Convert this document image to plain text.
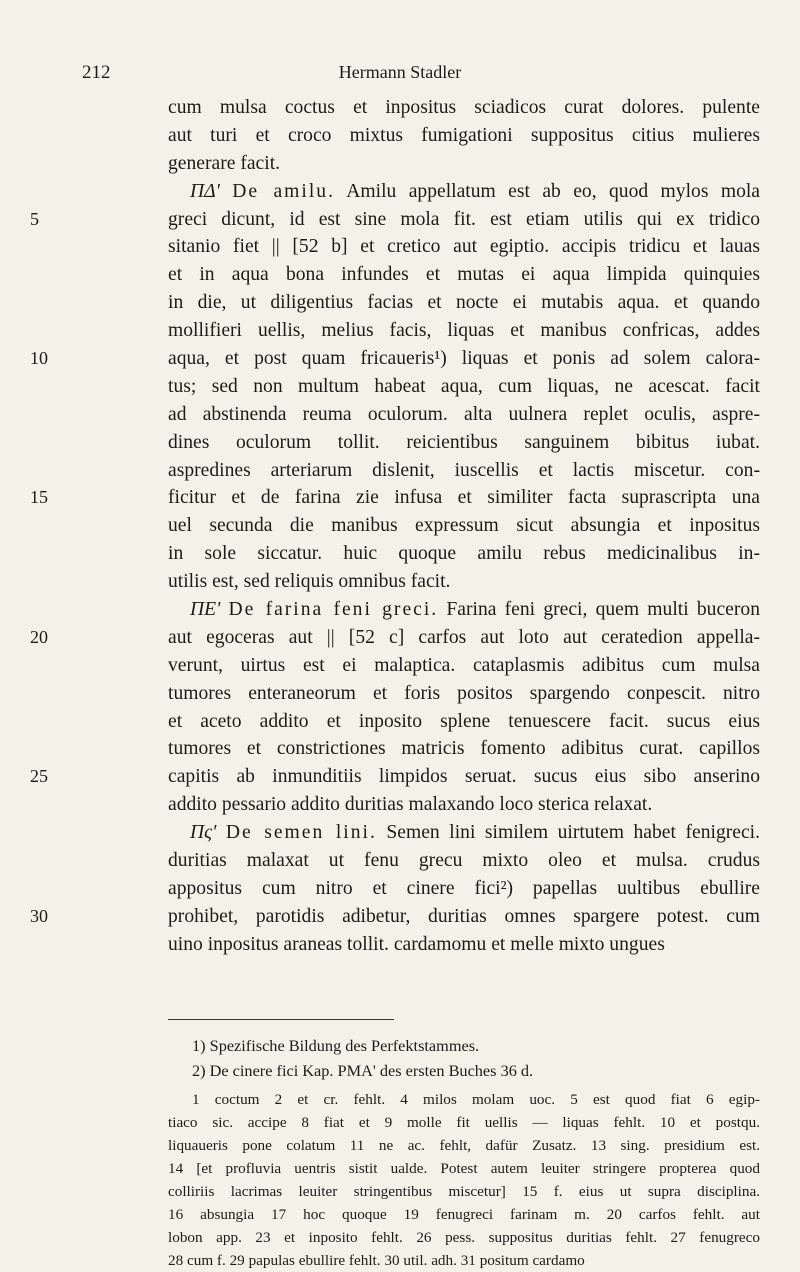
212	Hermann Stadler
cum mulsa coctus et inpositus sciadicos curat dolores. pulente
aut turi et croco mixtus fumigationi suppositus citius mulieres
generare facit.
ΠΔ' De amilu. Amilu appellatum est ab eo, quod mylos mola
5	greci dicunt, id est sine mola fit. est etiam utilis qui ex tridico
sitanio fiet || [52 b] et cretico aut egiptio. accipis tridicu et lauas
et in aqua bona infundes et mutas ei aqua limpida quinquies
in die, ut diligentius facias et nocte ei mutabis aqua. et quando
mollifieri uellis, melius facis, liquas et manibus confricas, addes
10	aqua, et post quam fricaueris¹) liquas et ponis ad solem calora-
tus; sed non multum habeat aqua, cum liquas, ne acescat. facit
ad abstinenda reuma oculorum. alta uulnera replet oculis, aspre-
dines oculorum tollit. reicientibus sanguinem bibitus iubat.
aspredines arteriarum dislenit, iuscellis et lactis miscetur. con-
15	ficitur et de farina zie infusa et similiter facta suprascripta una
uel secunda die manibus expressum sicut absungia et inpositus
in sole siccatur. huic quoque amilu rebus medicinalibus in-
utilis est, sed reliquis omnibus facit.
ΠΕ' De farina feni greci. Farina feni greci, quem multi buceron
20	aut egoceras aut || [52 c] carfos aut loto aut ceratedion appella-
verunt, uirtus est ei malaptica. cataplasmis adibitus cum mulsa
tumores enteraneorum et foris positos spargendo conpescit. nitro
et aceto addito et inposito splene tenuescere facit. sucus eius
tumores et constrictiones matricis fomento adibitus curat. capillos
25	capitis ab inmunditiis limpidos seruat. sucus eius sibo anserino
addito pessario addito duritias malaxando loco sterica relaxat.
Πς' De semen lini. Semen lini similem uirtutem habet fenigreci.
duritias malaxat ut fenu grecu mixto oleo et mulsa. crudus
appositus cum nitro et cinere fici²) papellas uultibus ebullire
30	prohibet, parotidis adibetur, duritias omnes spargere potest. cum
uino inpositus araneas tollit. cardamomu et melle mixto ungues
1) Spezifische Bildung des Perfektstammes.
2) De cinere fici Kap. ΡΜΑ' des ersten Buches 36 d.
1 coctum 2 et cr. fehlt. 4 milos molam uoc. 5 est quod fiat 6 egip-
tiaco sic. accipe 8 fiat et 9 molle fit uellis — liquas fehlt. 10 et postqu.
liquaueris pone colatum 11 ne ac. fehlt, dafür Zusatz. 13 sing. presidium est.
14 [et profluvia uentris sistit ualde. Potest autem leuiter stringere propterea quod
colliriis lacrimas leuiter stringentibus miscetur] 15 f. eius ut supra disciplina.
16 absungia 17 hoc quoque 19 fenugreci farinam m. 20 carfos fehlt. aut
lobon app. 23 et inposito fehlt. 26 pess. suppositus duritias fehlt. 27 fenugreco
28 cum f. 29 papulas ebullire fehlt. 30 util. adh. 31 positum cardamo
